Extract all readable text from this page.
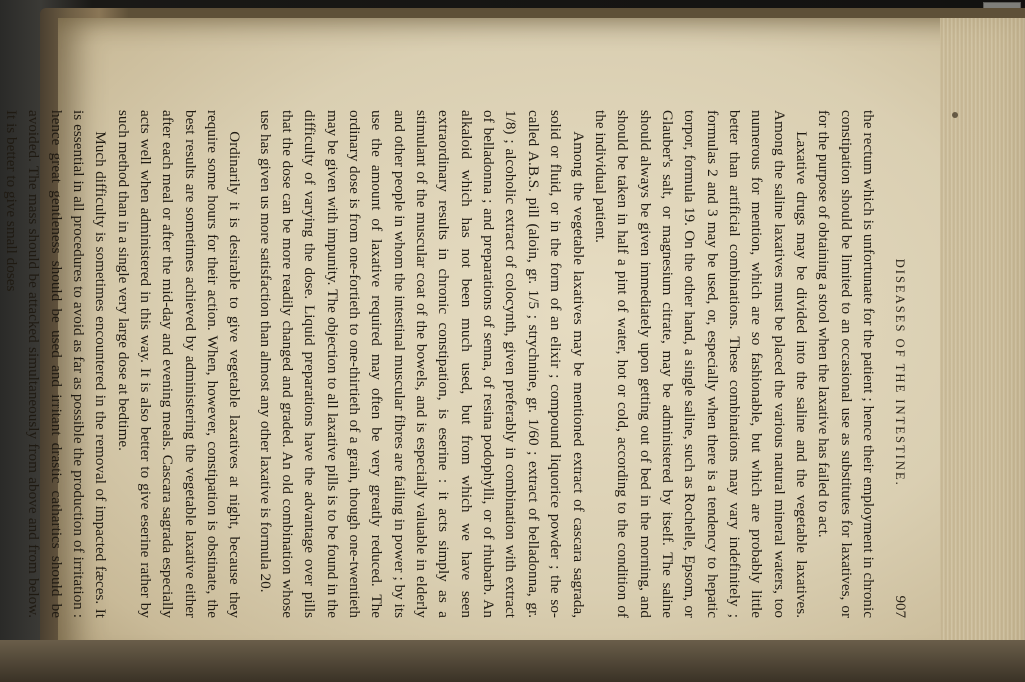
DISEASES OF THE INTESTINE.
907

the rectum which is unfortunate for the patient ; hence their employment in chronic constipation should be limited to an occasional use as substitutes for laxatives, or for the purpose of obtaining a stool when the laxative has failed to act.

Laxative drugs may be divided into the saline and the vegetable laxatives. Among the saline laxatives must be placed the various natural mineral waters, too numerous for mention, which are so fashionable, but which are probably little better than artificial combinations. These combinations may vary indefinitely ; formulas 2 and 3 may be used, or, especially when there is a tendency to hepatic torpor, formula 19. On the other hand, a single saline, such as Rochelle, Epsom, or Glauber's salt, or magnesium citrate, may be administered by itself. The saline should always be given immediately upon getting out of bed in the morning, and should be taken in half a pint of water, hot or cold, according to the condition of the individual patient.

Among the vegetable laxatives may be mentioned extract of cascara sagrada, solid or fluid, or in the form of an elixir ; compound liquorice powder ; the so-called A.B.S. pill (aloin, gr. 1/5 ; strychnine, gr. 1/60 ; extract of belladonna, gr. 1/8) ; alcoholic extract of colocynth, given preferably in combination with extract of belladonna ; and preparations of senna, of resina podophylli, or of rhubarb. An alkaloid which has not been much used, but from which we have seen extraordinary results in chronic constipation, is eserine : it acts simply as a stimulant of the muscular coat of the bowels, and is especially valuable in elderly and other people in whom the intestinal muscular fibres are failing in power ; by its use the amount of laxative required may often be very greatly reduced. The ordinary dose is from one-fortieth to one-thirtieth of a grain, though one-twentieth may be given with impunity. The objection to all laxative pills is to be found in the difficulty of varying the dose. Liquid preparations have the advantage over pills that the dose can be more readily changed and graded. An old combination whose use has given us more satisfaction than almost any other laxative is formula 20.

Ordinarily it is desirable to give vegetable laxatives at night, because they require some hours for their action. When, however, constipation is obstinate, the best results are sometimes achieved by administering the vegetable laxative either after each meal or after the mid-day and evening meals. Cascara sagrada especially acts well when administered in this way. It is also better to give eserine rather by such method than in a single very large dose at bedtime.

Much difficulty is sometimes encountered in the removal of impacted fæces. It is essential in all procedures to avoid as far as possible the production of irritation : hence great gentleness should be used and irritant drastic cathartics should be avoided. The mass should be attacked simultaneously from above and from below. It is better to give small doses
